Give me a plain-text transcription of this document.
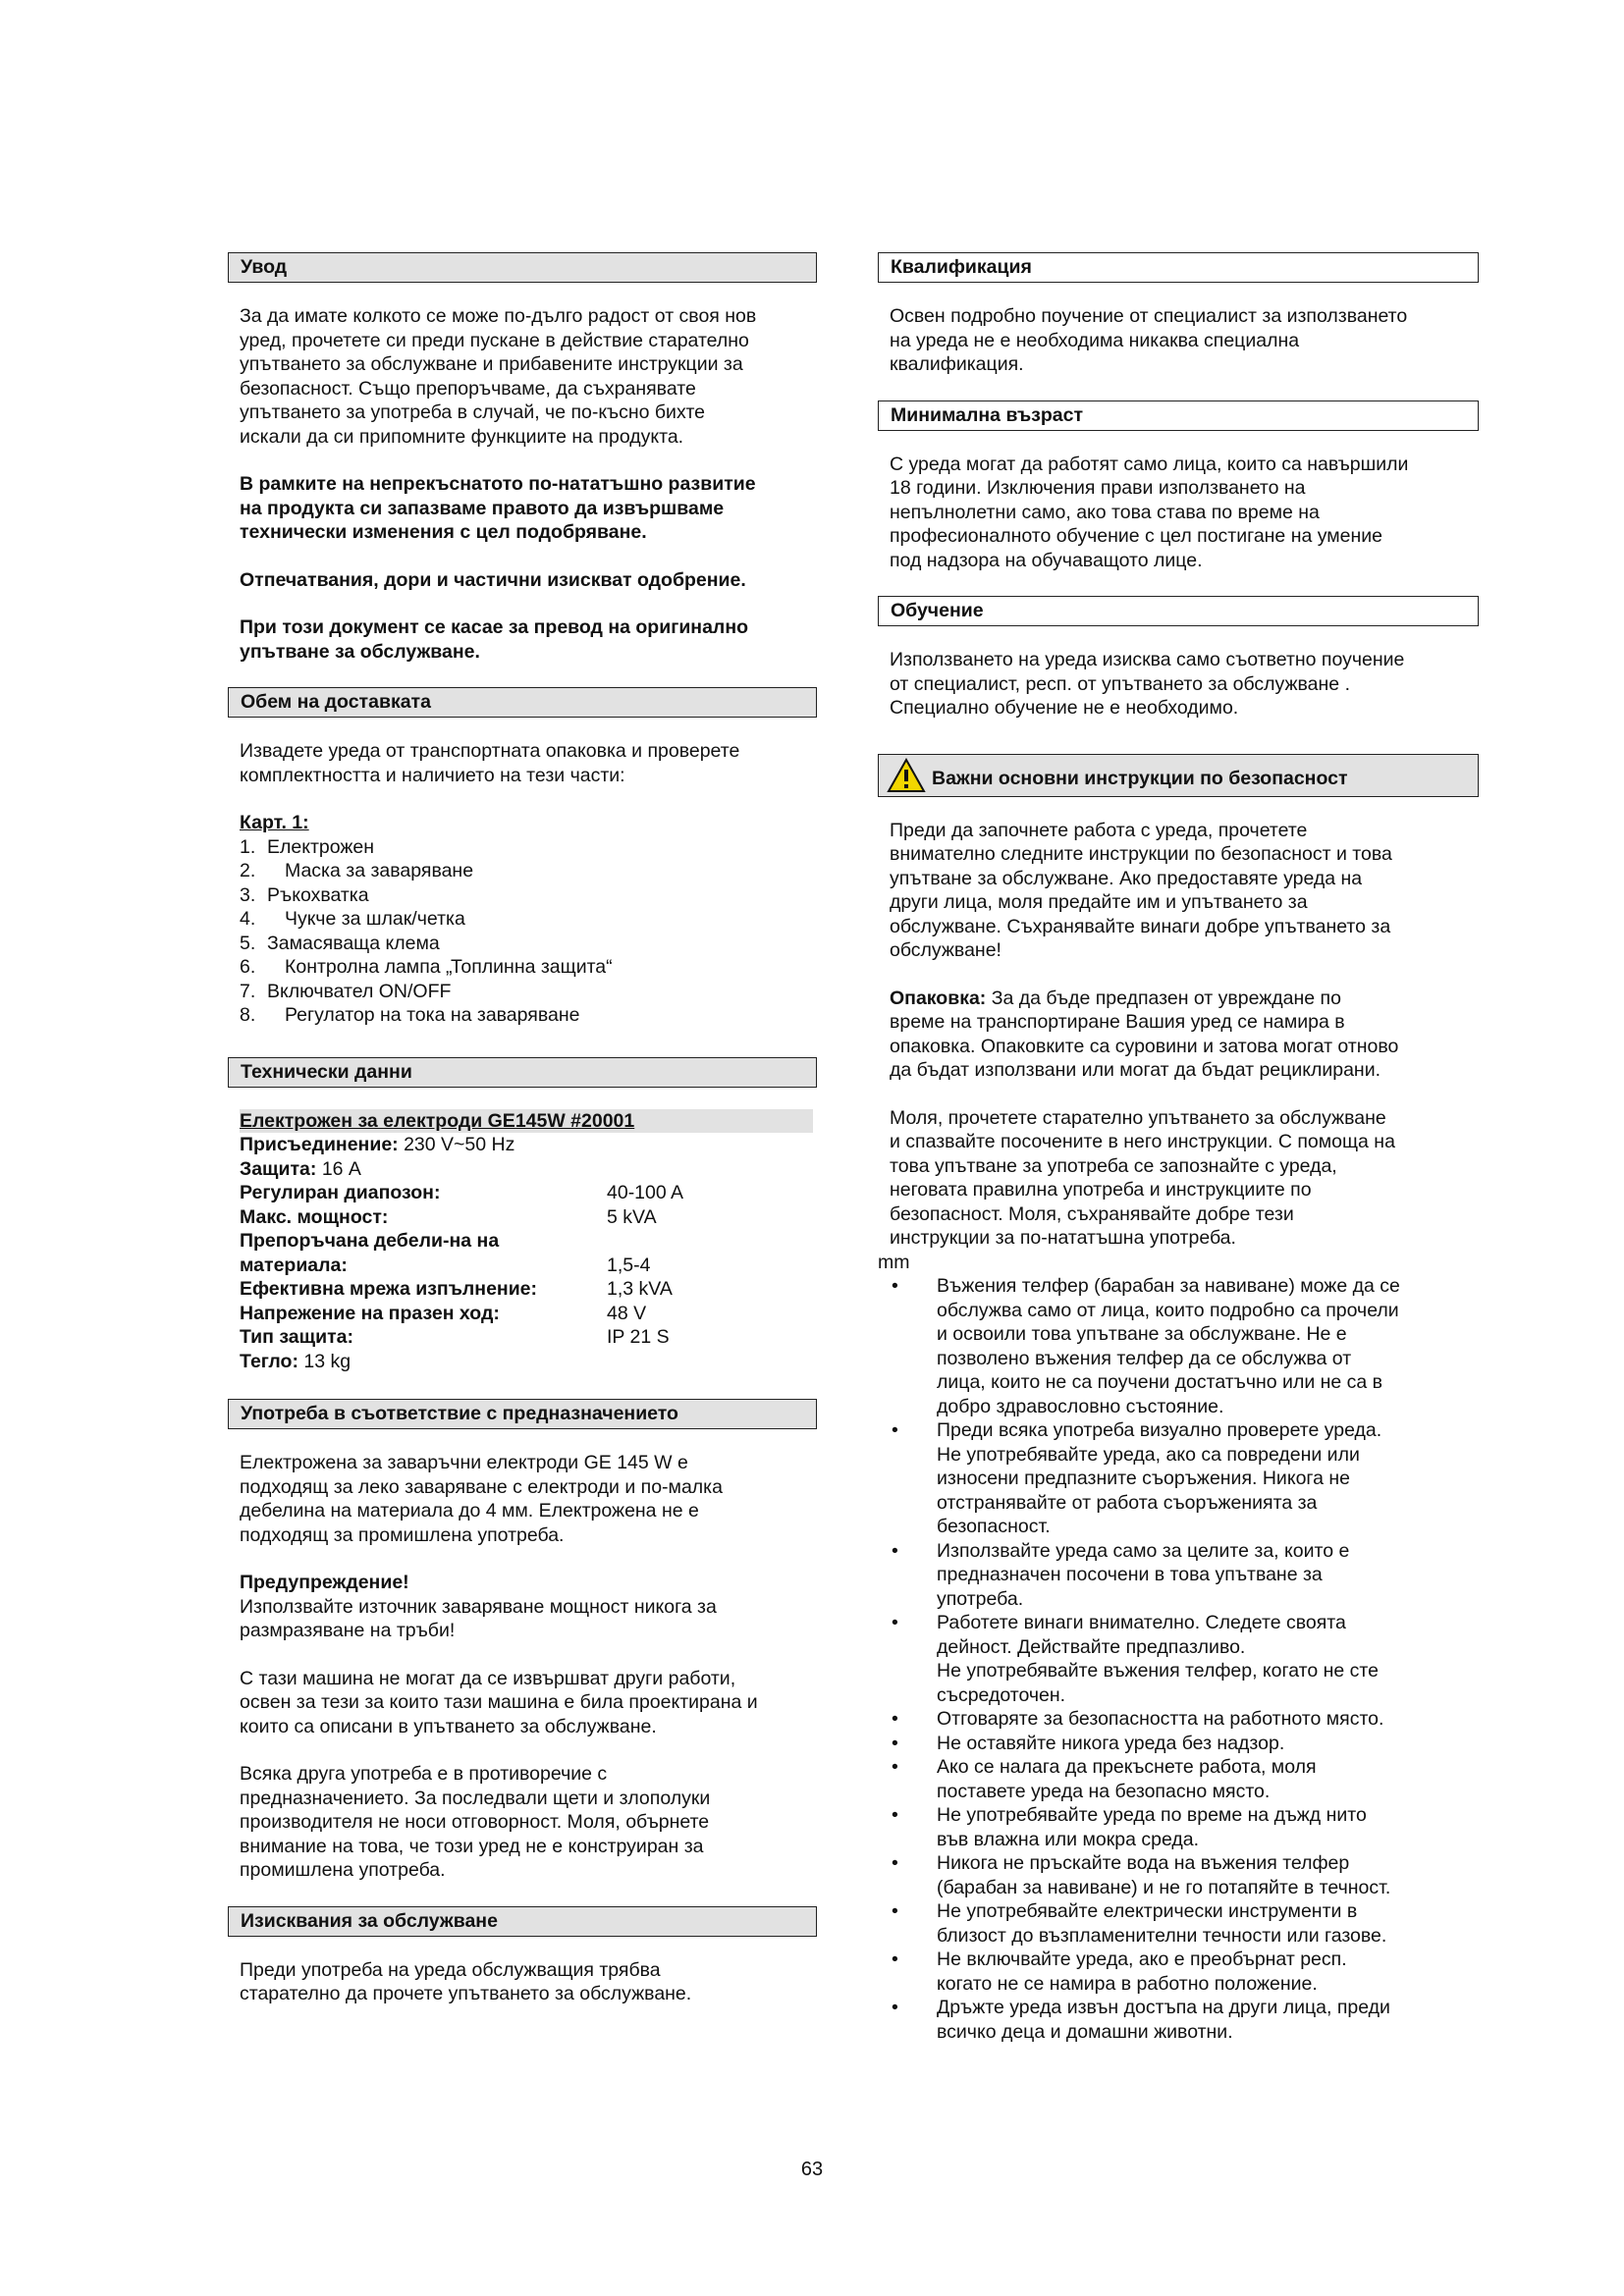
Увод

За да имате колкото се може по-дълго радост от своя нов
уред, прочетете си преди пускане в действие старателно
упътването за обслужване и прибавените инструкции за
безопасност. Също препоръчваме, да съхранявате
упътването за употреба в случай, че по-късно бихте
искали да си припомните функциите на продукта.

В рамките на непрекъснатото по-нататъшно развитие
на продукта си запазваме правото да извършваме
технически изменения с цел подобряване.

Отпечатвания, дори и частични изискват одобрение.

При този документ се касае за превод на оригинално
упътване за обслужване.

Обем на доставката

Извадете уреда от транспортната опаковка и проверете
комплектността и наличието на тези части:

Карт. 1:
1. Електрожен
2.	Маска за заваряване
3. Ръкохватка
4.	Чукче за шлак/четка
5. Замасяваща клема
6.	Контролна лампа „Топлинна защита“
7. Включвател ON/OFF
8.	Регулатор на тока на заваряване
Технически данни
Електрожен за електроди GE145W #20001
Присъединение: 230 V~50 Hz
Защита: 16 A
Регулиран диапозон:	40-100 A
Макс. мощност:	5 kVA
Препоръчана дебели-на на
материала:	1,5-4
Ефективна мрежа изпълнение:	1,3 kVA
Напрежение на празен ход:	48 V
Тип защита:	IP 21 S
Тегло: 13 kg
Употреба в съответствие с предназначението

Електрожена за заваръчни електроди GE 145 W е
подходящ за леко заваряване с електроди и по-малка
дебелина на материала до 4 мм. Електрожена не е
подходящ за промишлена употреба.

Предупреждение!

Използвайте източник заваряване мощност никога за
размразяване на тръби!

С тази машина не могат да се извършват други работи,
освен за тези за които тази машина е била проектирана и
които са описани в упътването за обслужване.

Всяка друга употреба е в противоречие с
предназначението. За последвали щети и злополуки
производителя не носи отговорност. Моля, обърнете
внимание на това, че този уред не е конструиран за
промишлена употреба.

Изисквания за обслужване

Преди употреба на уреда обслужващия трябва
старателно да прочете упътването за обслужване.

Квалификация

Освен подробно поучение от специалист за използването
на уреда не е необходима никаква специална
квалификация.

Минимална възраст

С уреда могат да работят само лица, които са навършили
18 години. Изключения прави използването на
непълнолетни само, ако това става по време на
професионалното обучение с цел постигане на умение
под надзора на обучаващото лице.

Обучение

Използването на уреда изисква само съответно поучение
от специалист, респ. от упътването за обслужване .
Специално обучение не е необходимо.

Важни основни инструкции по безопасност

Преди да започнете работа с уреда, прочетете
внимателно следните инструкции по безопасност и това
упътване за обслужване. Ако предоставяте уреда на
други лица, моля предайте им и упътването за
обслужване. Съхранявайте винаги добре упътването за
обслужване!

Опаковка: За да бъде предпазен от увреждане по
време на транспортиране Вашия уред се намира в
опаковка. Опаковките са суровини и затова могат отново
да бъдат използвани или могат да бъдат рециклирани.

Моля, прочетете старателно упътването за обслужване
и спазвайте посочените в него инструкции. С помоща на
това упътване за употреба се запознайте с уреда,
неговата правилна употреба и инструкциите по
безопасност. Моля, съхранявайте добре тези
инструкции за по-нататъшна употреба.

mm
• Въжения телфер (барабан за навиване) може да се
обслужва само от лица, които подробно са прочели
и освоили това упътване за обслужване. Не е
позволено въжения телфер да се обслужва от
лица, които не са поучени достатъчно или не са в
добро здравословно състояние.
• Преди всяка употреба визуално проверете уреда.
Не употребявайте уреда, ако са повредени или
износени предпазните съоръжения. Никога не
отстранявайте от работа съоръженията за
безопасност.
• Използвайте уреда само за целите за, които е
предназначен посочени в това упътване за
употреба.
• Работете винаги внимателно. Следете своята
дейност. Действайте предпазливо.
Не употребявайте въжения телфер, когато не сте
съсредоточен.
• Отговаряте за безопасността на работното място.
• Не оставяйте никога уреда без надзор.
• Ако се налага да прекъснете работа, моля
поставете уреда на безопасно място.
• Не употребявайте уреда по време на дъжд нито
във влажна или мокра среда.
• Никога не пръскайте вода на въжения телфер
(барабан за навиване) и не го потапяйте в течност.
• Не употребявайте електрически инструменти в
близост до възпламенителни течности или газове.
• Не включвайте уреда, ако е преобърнат респ.
когато не се намира в работно положение.
• Дръжте уреда извън достъпа на други лица, преди
всичко деца и домашни животни.
63
